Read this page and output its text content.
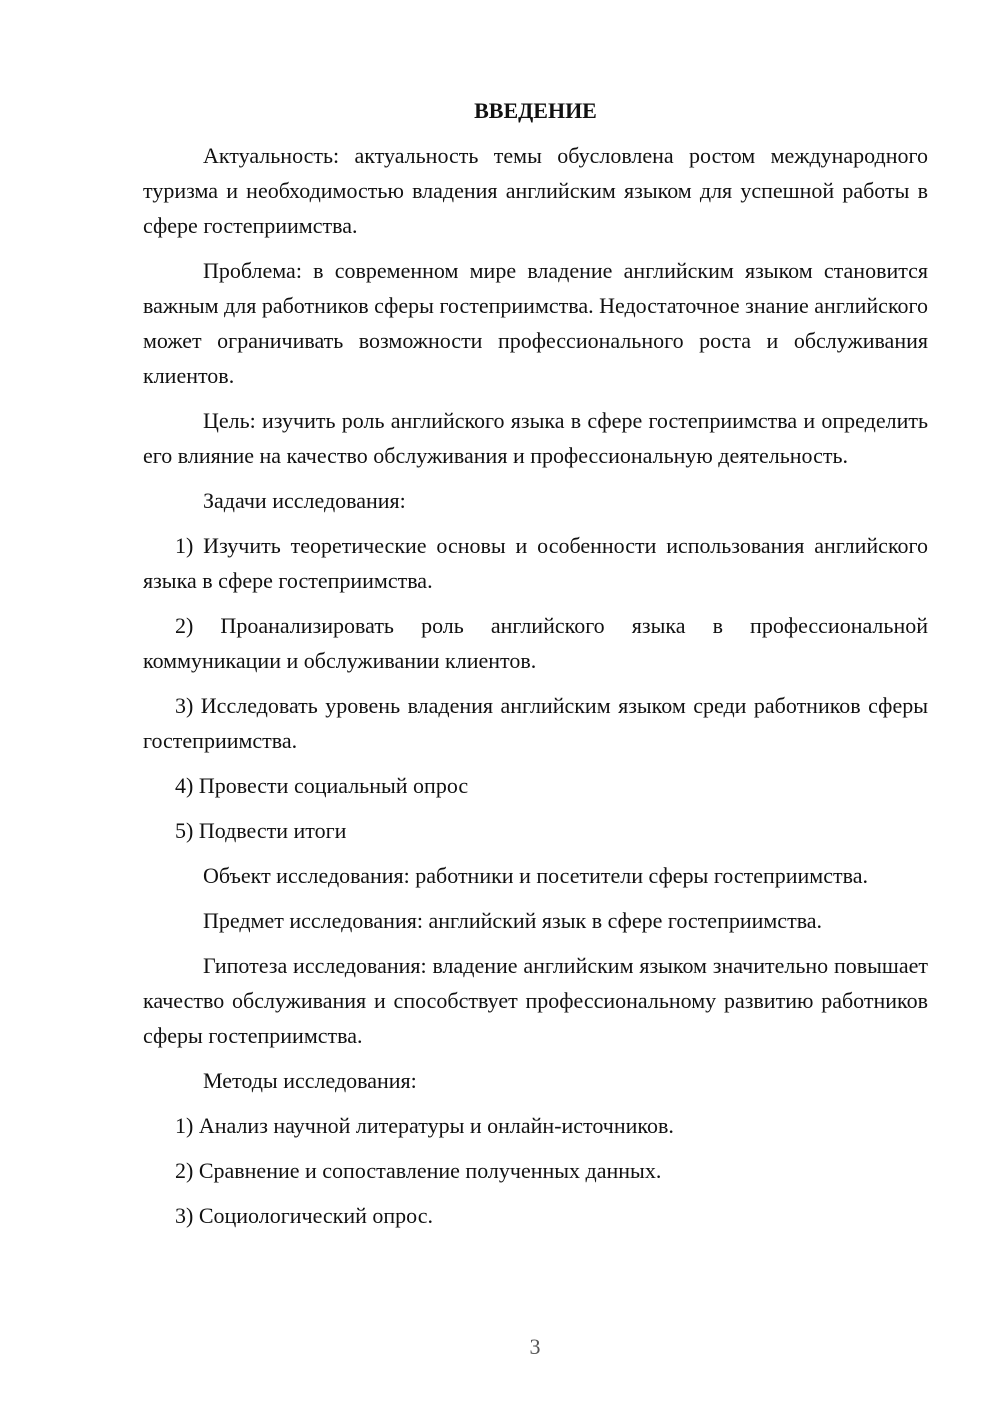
ВВЕДЕНИЕ

Актуальность: актуальность темы обусловлена ростом международного туризма и необходимостью владения английским языком для успешной работы в сфере гостеприимства.

Проблема: в современном мире владение английским языком становится важным для работников сферы гостеприимства. Недостаточное знание английского может ограничивать возможности профессионального роста и обслуживания клиентов.

Цель: изучить роль английского языка в сфере гостеприимства и определить его влияние на качество обслуживания и профессиональную деятельность.

Задачи исследования:

1) Изучить теоретические основы и особенности использования английского языка в сфере гостеприимства.

2) Проанализировать роль английского языка в профессиональной коммуникации и обслуживании клиентов.

3) Исследовать уровень владения английским языком среди работников сферы гостеприимства.

4) Провести социальный опрос

5) Подвести итоги

Объект исследования: работники и посетители сферы гостеприимства.

Предмет исследования: английский язык в сфере гостеприимства.

Гипотеза исследования: владение английским языком значительно повышает качество обслуживания и способствует профессиональному развитию работников сферы гостеприимства.

Методы исследования:

1) Анализ научной литературы и онлайн-источников.

2) Сравнение и сопоставление полученных данных.

3) Социологический опрос.

3
